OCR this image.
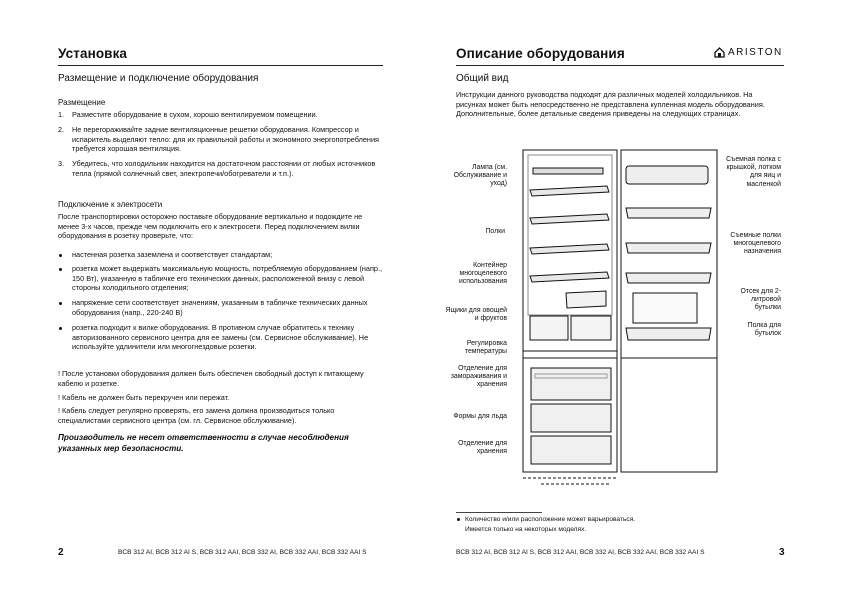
Установка
Размещение и подключение оборудования
Размещение
1. Разместите оборудование в сухом, хорошо вентилируемом помещении.
2. Не перегораживайте задние вентиляционные решетки оборудования. Компрессор и испаритель выделяют тепло: для их правильной работы и экономного энергопотребления требуется хорошая вентиляция.
3. Убедитесь, что холодильник находится на достаточном расстоянии от любых источников тепла (прямой солнечный свет, электропечи/обогреватели и т.п.).
Подключение к электросети
После транспортировки осторожно поставьте оборудование вертикально и подождите не менее 3-х часов, прежде чем подключить его к электросети. Перед подключением вилки оборудования в розетку проверьте, что:
настенная розетка заземлена и соответствует стандартам;
розетка может выдержать максимальную мощность, потребляемую оборудованием (напр., 150 Вт), указанную в табличке его технических данных, расположенной внизу с левой стороны холодильного отделения;
напряжение сети соответствует значениям, указанным в табличке технических данных оборудования (напр., 220-240 В)
розетка подходит к вилке оборудования. В противном случае обратитесь к технику авторизованного сервисного центра для ее замены (см. Сервисное обслуживание). Не используйте удлинители или многогнездовые розетки.
! После установки оборудования должен быть обеспечен свободный доступ к питающему кабелю и розетке.
! Кабель не должен быть перекручен или пережат.
! Кабель следует регулярно проверять, его замена должна производиться только специалистами сервисного центра (см. гл. Сервисное обслуживание).
Производитель не несет ответственности в случае несоблюдения указанных мер безопасности.
2	BCB 312 AI, BCB 312 AI S, BCB 312 AAI, BCB 332 AI, BCB 332 AAI, BCB 332 AAI S
Описание оборудования	ARISTON
Общий вид
Инструкции данного руководства подходят для различных моделей холодильников. На рисунках может быть непосредственно не представлена купленная модель оборудования. Дополнительные, более детальные сведения приведены на следующих страницах.
Лампа (см. Обслуживание и уход)
Полки
Контейнер многоцелевого использования
Ящики для овощей и фруктов
Регулировка температуры
Отделение для замораживания и хранения
Формы для льда
Отделение для хранения
Съемная полка с крышкой, лотком для яиц и масленкой
Съемные полки многоцелевого назначения
Отсек для 2-литровой бутылки
Полка для бутылок
Количество и/или расположение может варьироваться.
Имеется только на некоторых моделях.
BCB 312 AI, BCB 312 AI S, BCB 312 AAI, BCB 332 AI, BCB 332 AAI, BCB 332 AAI S	3
